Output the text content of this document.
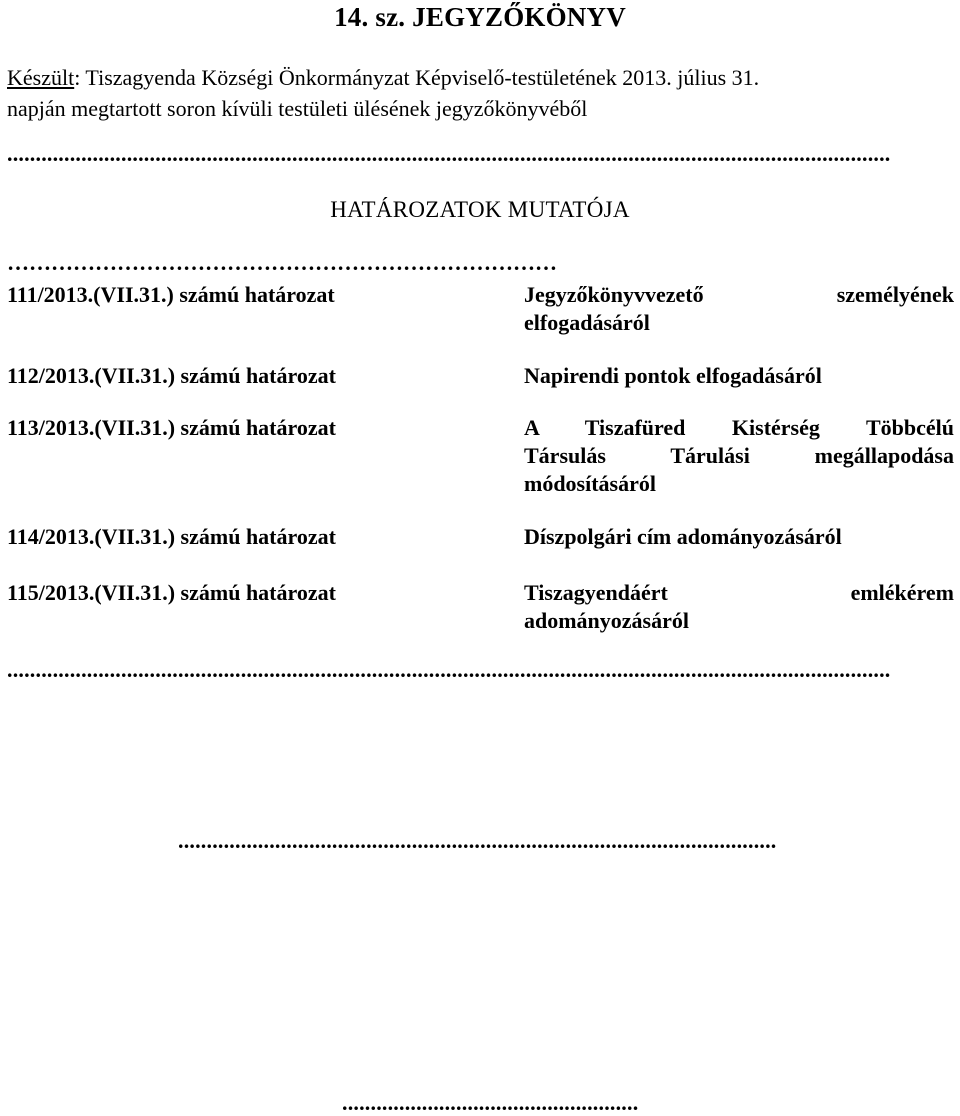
14. sz. JEGYZŐKÖNYV
Készült: Tiszagyenda Községi Önkormányzat Képviselő-testületének 2013. július 31.
napján megtartott soron kívüli testületi ülésének jegyzőkönyvéből
...........................................................................................................................................................
HATÁROZATOK MUTATÓJA
…………………………………………………………………
111/2013.(VII.31.) számú határozat	Jegyzőkönyvvezető személyének
elfogadásáról
112/2013.(VII.31.) számú határozat	Napirendi pontok elfogadásáról
113/2013.(VII.31.) számú határozat	A Tiszafüred Kistérség Többcélú
Társulás Tárulási megállapodása
módosításáról
114/2013.(VII.31.) számú határozat	Díszpolgári cím adományozásáról
115/2013.(VII.31.) számú határozat	Tiszagyendáért emlékérem
adományozásáról
...........................................................................................................................................................
.........................................................................................................
....................................................
